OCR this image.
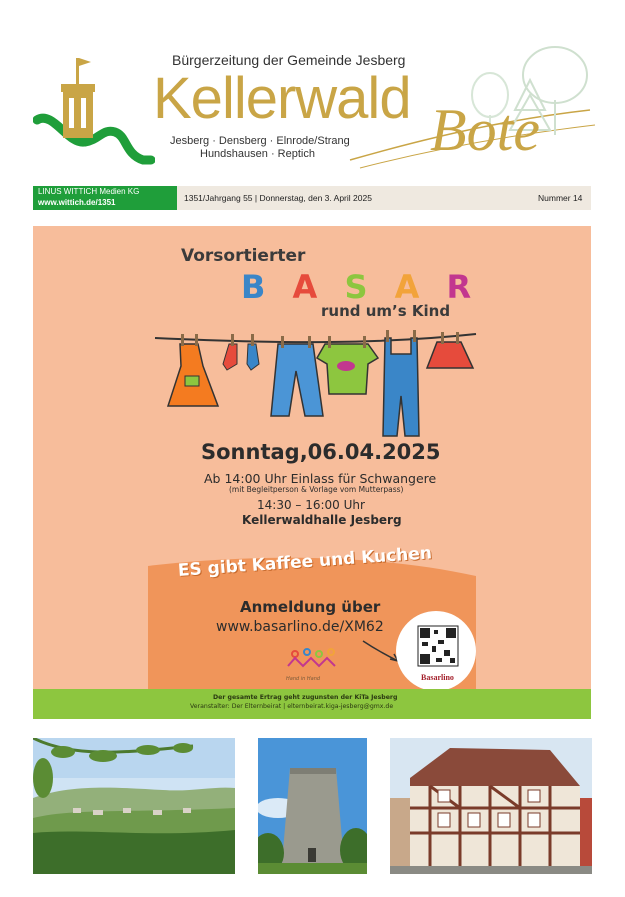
Bürgerzeitung der Gemeinde Jesberg
Kellerwald
Jesberg · Densberg · Elnrode/Strang
Hundshausen · Reptich	Bote
LINUS WITTICH Medien KG
www.wittich.de/1351	1351/Jahrgang 55 | Donnerstag, den 3. April 2025	Nummer 14
Vorsortierter
B A S A R
rund um’s Kind
Sonntag,06.04.2025
Ab 14:00 Uhr Einlass für Schwangere
(mit Begleitperson & Vorlage vom Mutterpass)
14:30 – 16:00 Uhr
Kellerwaldhalle Jesberg
ES gibt Kaffee und Kuchen
Anmeldung über
www.basarlino.de/XM62
Hand in Hand	Basarlino
Der gesamte Ertrag geht zugunsten der KiTa Jesberg
Veranstalter: Der Elternbeirat | elternbeirat.kiga-jesberg@gmx.de
